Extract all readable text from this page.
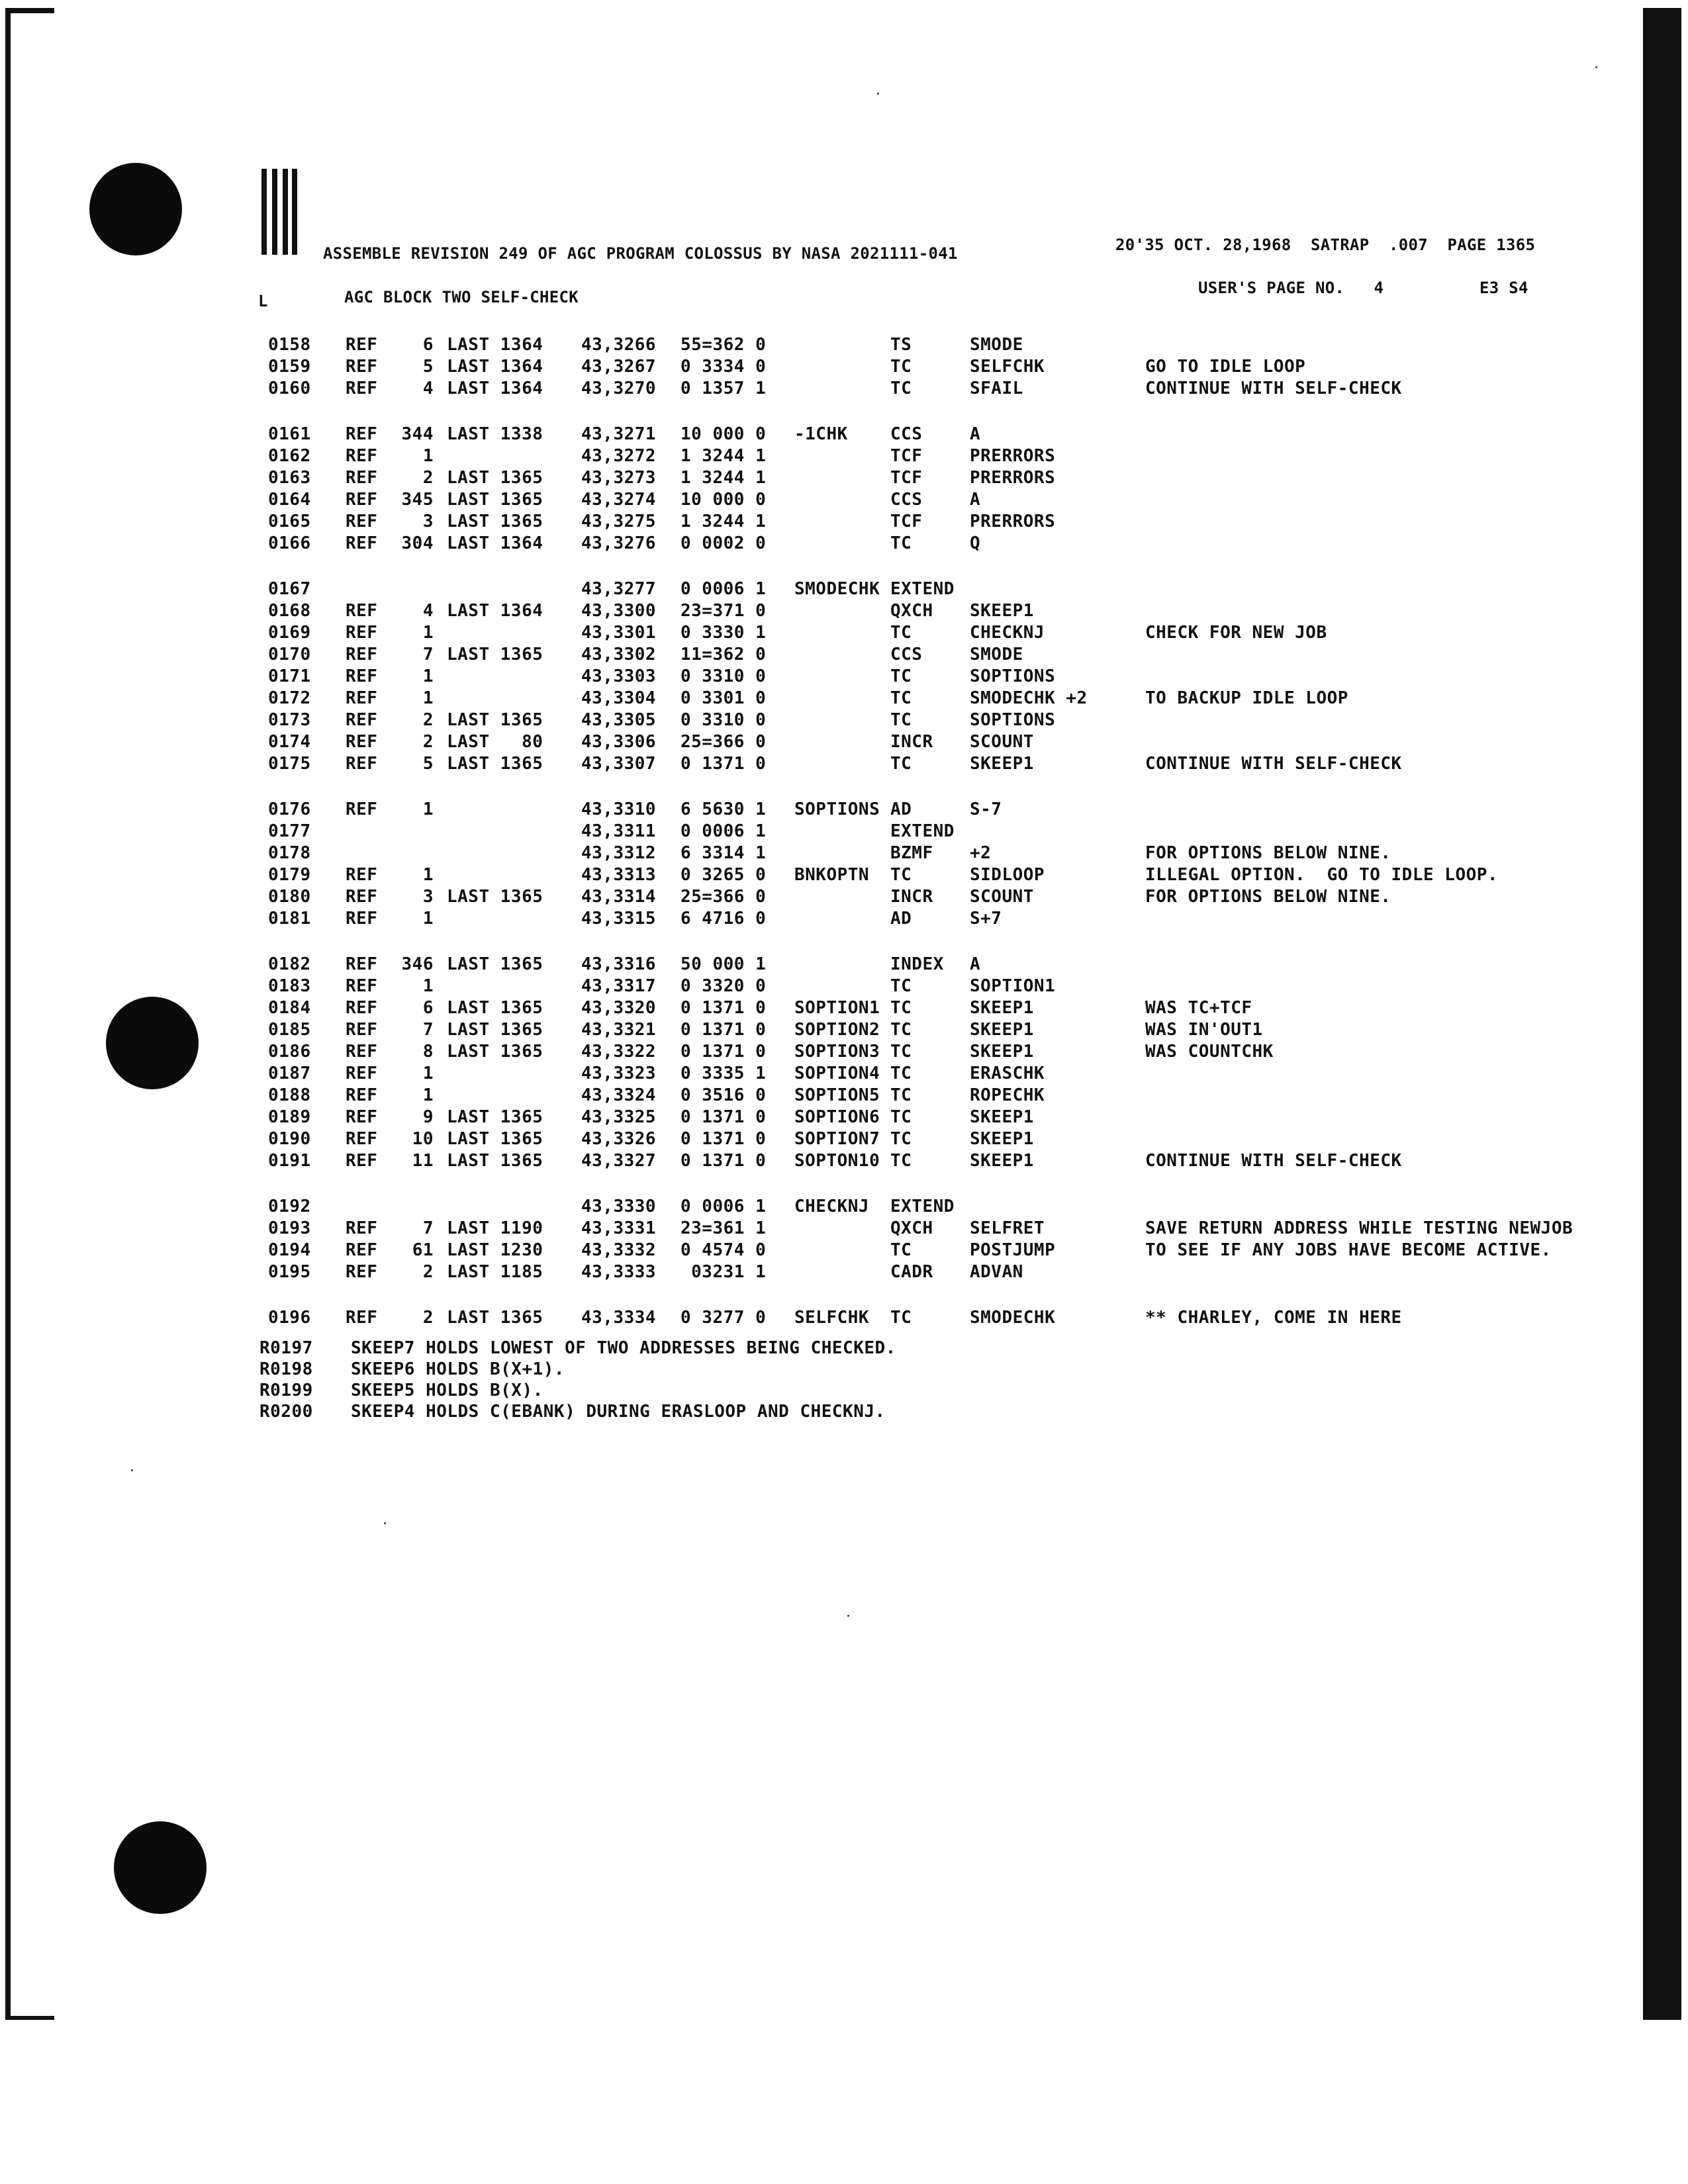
ASSEMBLE REVISION 249 OF AGC PROGRAM COLOSSUS BY NASA 2021111-041	20'35 OCT. 28,1968  SATRAP  .007  PAGE 1365
L	AGC BLOCK TWO SELF-CHECK	USER'S PAGE NO.   4	E3 S4
0158 REF	6 LAST 1364 43,3266 55=362 0	TS	SMODE
0159 REF	5 LAST 1364 43,3267 0 3334 0	TC	SELFCHK	GO TO IDLE LOOP
0160 REF	4 LAST 1364 43,3270 0 1357 1	TC	SFAIL	CONTINUE WITH SELF-CHECK
0161 REF	344 LAST 1338 43,3271 10 000 0 -1CHK CCS	A
0162 REF	1	43,3272 1 3244 1	TCF	PRERRORS
0163 REF	2 LAST 1365 43,3273 1 3244 1	TCF	PRERRORS
0164 REF	345 LAST 1365 43,3274 10 000 0	CCS	A
0165 REF	3 LAST 1365 43,3275 1 3244 1	TCF	PRERRORS
0166 REF	304 LAST 1364 43,3276 0 0002 0	TC	Q
0167	43,3277 0 0006 1 SMODECHK EXTEND
0168 REF	4 LAST 1364 43,3300 23=371 0	QXCH SKEEP1
0169 REF	1	43,3301 0 3330 1	TC	CHECKNJ	CHECK FOR NEW JOB
0170 REF	7 LAST 1365 43,3302 11=362 0	CCS	SMODE
0171 REF	1	43,3303 0 3310 0	TC	SOPTIONS
0172 REF	1	43,3304 0 3301 0	TC	SMODECHK +2	TO BACKUP IDLE LOOP
0173 REF	2 LAST 1365 43,3305 0 3310 0	TC	SOPTIONS
0174 REF	2 LAST   80 43,3306 25=366 0	INCR SCOUNT
0175 REF	5 LAST 1365 43,3307 0 1371 0	TC	SKEEP1	CONTINUE WITH SELF-CHECK
0176 REF	1	43,3310 6 5630 1 SOPTIONS AD	S-7
0177	43,3311 0 0006 1	EXTEND
0178	43,3312 6 3314 1	BZMF +2	FOR OPTIONS BELOW NINE.
0179 REF	1	43,3313 0 3265 0 BNKOPTN TC	SIDLOOP	ILLEGAL OPTION.  GO TO IDLE LOOP.
0180 REF	3 LAST 1365 43,3314 25=366 0	INCR SCOUNT	FOR OPTIONS BELOW NINE.
0181 REF	1	43,3315 6 4716 0	AD	S+7
0182 REF	346 LAST 1365 43,3316 50 000 1	INDEX A
0183 REF	1	43,3317 0 3320 0	TC	SOPTION1
0184 REF	6 LAST 1365 43,3320 0 1371 0 SOPTION1 TC	SKEEP1	WAS TC+TCF
0185 REF	7 LAST 1365 43,3321 0 1371 0 SOPTION2 TC	SKEEP1	WAS IN'OUT1
0186 REF	8 LAST 1365 43,3322 0 1371 0 SOPTION3 TC	SKEEP1	WAS COUNTCHK
0187 REF	1	43,3323 0 3335 1 SOPTION4 TC	ERASCHK
0188 REF	1	43,3324 0 3516 0 SOPTION5 TC	ROPECHK
0189 REF	9 LAST 1365 43,3325 0 1371 0 SOPTION6 TC	SKEEP1
0190 REF	10 LAST 1365 43,3326 0 1371 0 SOPTION7 TC	SKEEP1
0191 REF	11 LAST 1365 43,3327 0 1371 0 SOPTON10 TC	SKEEP1	CONTINUE WITH SELF-CHECK
0192	43,3330 0 0006 1 CHECKNJ EXTEND
0193 REF	7 LAST 1190 43,3331 23=361 1	QXCH SELFRET	SAVE RETURN ADDRESS WHILE TESTING NEWJOB
0194 REF	61 LAST 1230 43,3332 0 4574 0	TC	POSTJUMP	TO SEE IF ANY JOBS HAVE BECOME ACTIVE.
0195 REF	2 LAST 1185 43,3333 03231 1	CADR ADVAN
0196 REF	2 LAST 1365 43,3334 0 3277 0 SELFCHK TC	SMODECHK	** CHARLEY, COME IN HERE
R0197 SKEEP7 HOLDS LOWEST OF TWO ADDRESSES BEING CHECKED.
R0198 SKEEP6 HOLDS B(X+1).
R0199 SKEEP5 HOLDS B(X).
R0200 SKEEP4 HOLDS C(EBANK) DURING ERASLOOP AND CHECKNJ.
